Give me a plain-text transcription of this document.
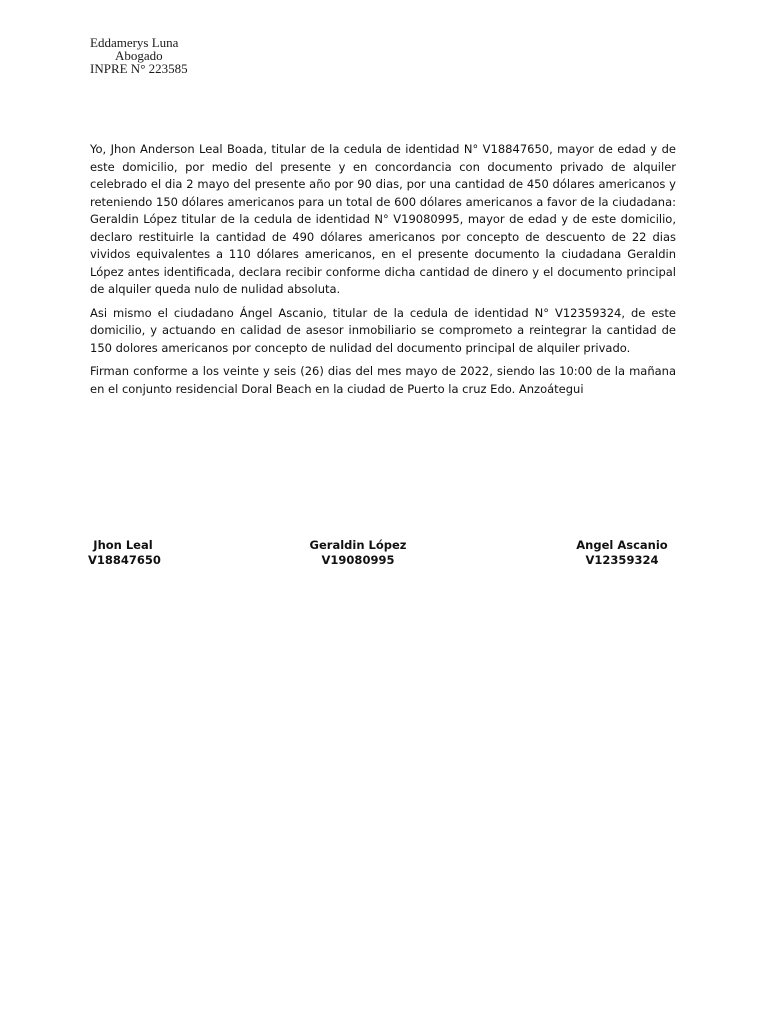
Eddamerys Luna
Abogado
INPRE N° 223585

Yo, Jhon Anderson Leal Boada, titular de la cedula de identidad N° V18847650, mayor de edad y de este domicilio, por medio del presente y en concordancia con documento privado de alquiler celebrado el dia 2 mayo del presente año por 90 dias, por una cantidad de 450 dólares americanos y reteniendo 150 dólares americanos para un total de 600 dólares americanos a favor de la ciudadana: Geraldin López titular de la cedula de identidad N° V19080995, mayor de edad y de este domicilio, declaro restituirle la cantidad de 490 dólares americanos por concepto de descuento de 22 dias vividos equivalentes a 110 dólares americanos, en el presente documento la ciudadana Geraldin López antes identificada, declara recibir conforme dicha cantidad de dinero y el documento principal de alquiler queda nulo de nulidad absoluta.

Asi mismo el ciudadano Ángel Ascanio, titular de la cedula de identidad N° V12359324, de este domicilio, y actuando en calidad de asesor inmobiliario se comprometo a reintegrar la cantidad de 150 dolores americanos por concepto de nulidad del documento principal de alquiler privado.

Firman conforme a los veinte y seis (26) dias del mes mayo de 2022, siendo las 10:00 de la mañana en el conjunto residencial Doral Beach en la ciudad de Puerto la cruz Edo. Anzoátegui

Jhon Leal
V18847650
Geraldin López
V19080995
Angel Ascanio
V12359324
